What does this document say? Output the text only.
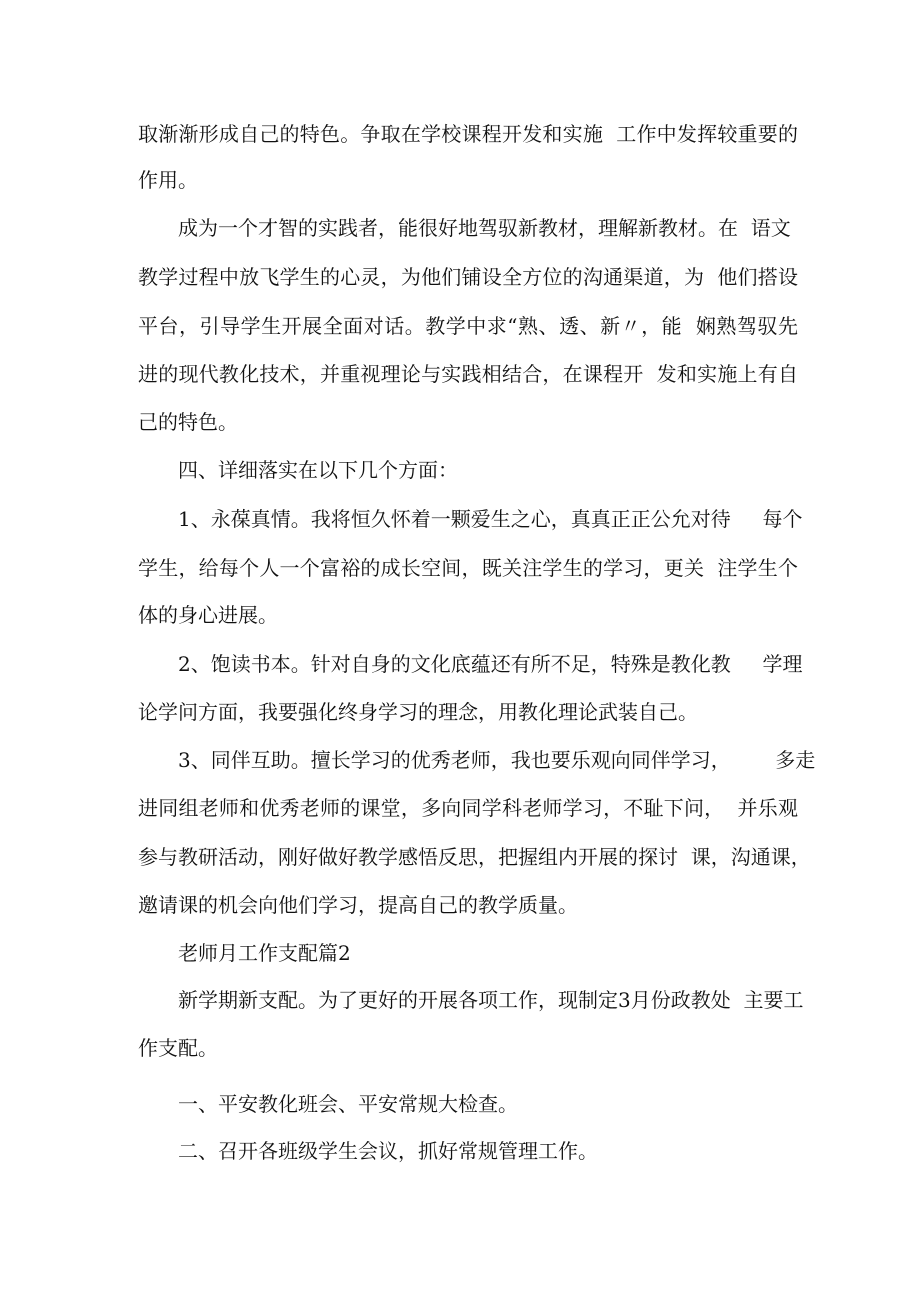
取渐渐形成自己的特色。争取在学校课程开发和实施  工作中发挥较重要的
作用。
成为一个才智的实践者，能很好地驾驭新教材，理解新教材。在  语文
教学过程中放飞学生的心灵，为他们铺设全方位的沟通渠道，为  他们搭设
平台，引导学生开展全面对话。教学中求“熟、透、新〃，能  娴熟驾驭先
进的现代教化技术，并重视理论与实践相结合，在课程开  发和实施上有自
己的特色。
四、详细落实在以下几个方面：
1、永葆真情。我将恒久怀着一颗爱生之心，真真正正公允对待     每个
学生，给每个人一个富裕的成长空间，既关注学生的学习，更关  注学生个
体的身心进展。
2、饱读书本。针对自身的文化底蕴还有所不足，特殊是教化教     学理
论学问方面，我要强化终身学习的理念，用教化理论武装自己。
3、同伴互助。擅长学习的优秀老师，我也要乐观向同伴学习，       多走
进同组老师和优秀老师的课堂，多向同学科老师学习，不耻下问，  并乐观
参与教研活动，刚好做好教学感悟反思，把握组内开展的探讨  课，沟通课，
邀请课的机会向他们学习，提高自己的教学质量。
老师月工作支配篇2
新学期新支配。为了更好的开展各项工作，现制定3月份政教处  主要工
作支配。
一、平安教化班会、平安常规大检查。
二、召开各班级学生会议，抓好常规管理工作。
